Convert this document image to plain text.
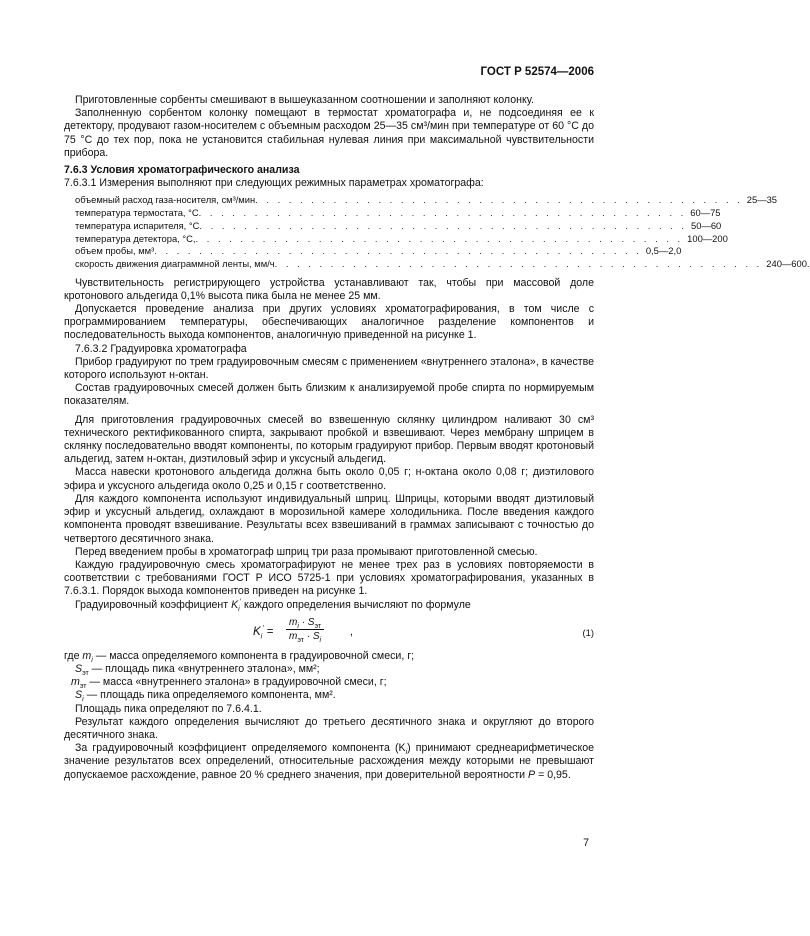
ГОСТ Р 52574—2006

Приготовленные сорбенты смешивают в вышеуказанном соотношении и заполняют колонку.

Заполненную сорбентом колонку помещают в термостат хроматографа и, не подсоединяя ее к детектору, продувают газом-носителем с объемным расходом 25—35 см³/мин при температуре от 60 °C до 75 °C до тех пор, пока не установится стабильная нулевая линия при максимальной чувствительности прибора.

7.6.3 Условия хроматографического анализа

7.6.3.1 Измерения выполняют при следующих режимных параметрах хроматографа:

объемный расход газа-носителя, см³/мин . . . . . . . . . . . . . . . . . . . . . . . . . . . . . . . . . . . . . . . . . . . . 25—35
температура термостата, °С . . . . . . . . . . . . . . . . . . . . . . . . . . . . . . . . . . . . . . . . . . . . 60—75
температура испарителя, °С . . . . . . . . . . . . . . . . . . . . . . . . . . . . . . . . . . . . . . . . . . . . 50—60
температура детектора, °С, . . . . . . . . . . . . . . . . . . . . . . . . . . . . . . . . . . . . . . . . . . . . 100—200
объем пробы, мм³ . . . . . . . . . . . . . . . . . . . . . . . . . . . . . . . . . . . . . . . . . . . . 0,5—2,0
скорость движения диаграммной ленты, мм/ч . . . . . . . . . . . . . . . . . . . . . . . . . . . . . . . . . . . . . . . . . . . . 240—600.

Чувствительность регистрирующего устройства устанавливают так, чтобы при массовой доле кротонового альдегида 0,1% высота пика была не менее 25 мм.

Допускается проведение анализа при других условиях хроматографирования, в том числе с программированием температуры, обеспечивающих аналогичное разделение компонентов и последовательность выхода компонентов, аналогичную приведенной на рисунке 1.

7.6.3.2 Градуировка хроматографа

Прибор градуируют по трем градуировочным смесям с применением «внутреннего эталона», в качестве которого используют н-октан.

Состав градуировочных смесей должен быть близким к анализируемой пробе спирта по нормируемым показателям.

Для приготовления градуировочных смесей во взвешенную склянку цилиндром наливают 30 см³ технического ректификованного спирта, закрывают пробкой и взвешивают. Через мембрану шприцем в склянку последовательно вводят компоненты, по которым градуируют прибор. Первым вводят кротоновый альдегид, затем н-октан, диэтиловый эфир и уксусный альдегид.

Масса навески кротонового альдегида должна быть около 0,05 г; н-октана около 0,08 г; диэтилового эфира и уксусного альдегида около 0,25 и 0,15 г соответственно.

Для каждого компонента используют индивидуальный шприц. Шприцы, которыми вводят диэтиловый эфир и уксусный альдегид, охлаждают в морозильной камере холодильника. После введения каждого компонента проводят взвешивание. Результаты всех взвешиваний в граммах записывают с точностью до четвертого десятичного знака.

Перед введением пробы в хроматограф шприц три раза промывают приготовленной смесью.

Каждую градуировочную смесь хроматографируют не менее трех раз в условиях повторяемости в соответствии с требованиями ГОСТ Р ИСО 5725-1 при условиях хроматографирования, указанных в 7.6.3.1. Порядок выхода компонентов приведен на рисунке 1.

Градуировочный коэффициент $K_i'$ каждого определения вычисляют по формуле

$K_i'$ =
$m_i \cdot S_{эт}$
$m_{эт} \cdot S_i$
,	(1)
где $m_i$ — масса определяемого компонента в градуировочной смеси, г;
$S_{эт}$ — площадь пика «внутреннего эталона», мм²;
$m_{эт}$ — масса «внутреннего эталона» в градуировочной смеси, г;
$S_i$ — площадь пика определяемого компонента, мм².

Площадь пика определяют по 7.6.4.1.

Результат каждого определения вычисляют до третьего десятичного знака и округляют до второго десятичного знака.

За градуировочный коэффициент определяемого компонента $(K_i)$ принимают среднеарифметическое значение результатов всех определений, относительные расхождения между которыми не превышают допускаемое расхождение, равное 20 % среднего значения, при доверительной вероятности P = 0,95.

7
